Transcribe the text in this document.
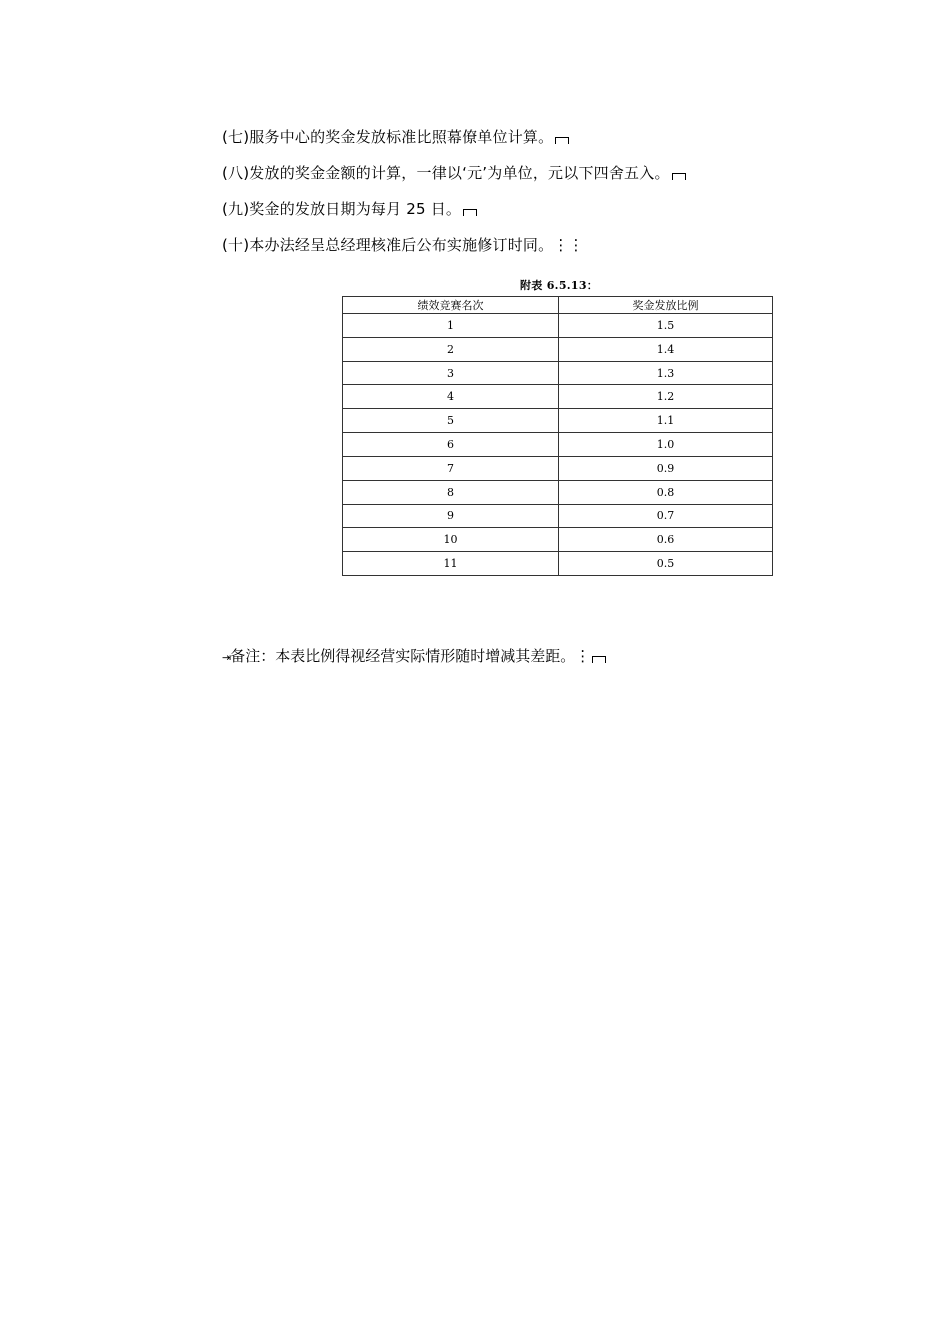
(七)服务中心的奖金发放标准比照幕僚单位计算。
(八)发放的奖金金额的计算，一律以‘元’为单位，元以下四舍五入。
(九)奖金的发放日期为每月 25 日。
(十)本办法经呈总经理核准后公布实施修订时同。⋮⋮
附表 6.5.13：
绩效竞赛名次	奖金发放比例
1	1.5
2	1.4
3	1.3
4	1.2
5	1.1
6	1.0
7	0.9
8	0.8
9	0.7
10	0.6
11	0.5
⇥备注：本表比例得视经营实际情形随时增减其差距。⋮
